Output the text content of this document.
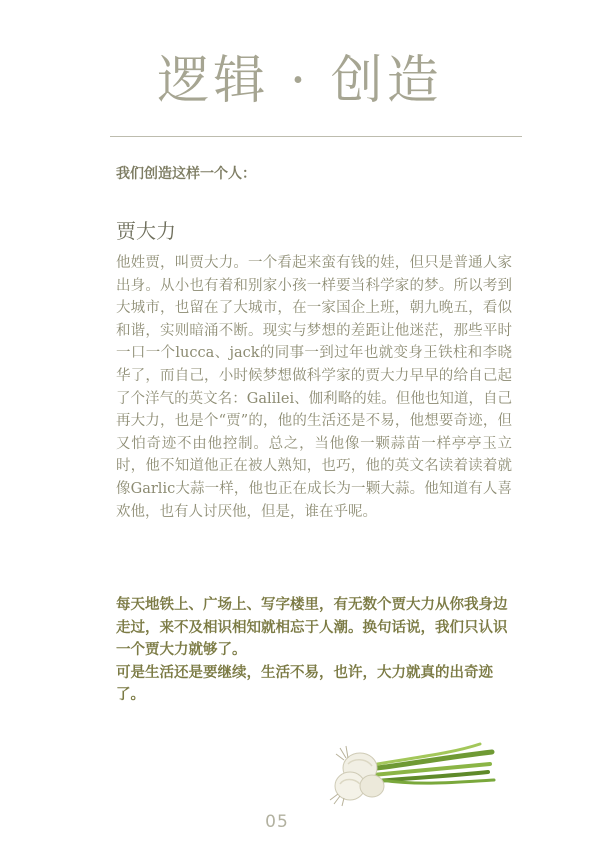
逻辑 · 创造

我们创造这样一个人：

贾大力

他姓贾，叫贾大力。一个看起来蛮有钱的娃，但只是普通人家出身。从小也有着和别家小孩一样要当科学家的梦。所以考到大城市，也留在了大城市，在一家国企上班，朝九晚五，看似和谐，实则暗涌不断。现实与梦想的差距让他迷茫，那些平时一口一个lucca、jack的同事一到过年也就变身王铁柱和李晓华了，而自己，小时候梦想做科学家的贾大力早早的给自己起了个洋气的英文名：Galilei、伽利略的娃。但他也知道，自己再大力，也是个“贾”的，他的生活还是不易，他想要奇迹，但又怕奇迹不由他控制。总之，当他像一颗蒜苗一样亭亭玉立时，他不知道他正在被人熟知，也巧，他的英文名读着读着就像Garlic大蒜一样，他也正在成长为一颗大蒜。他知道有人喜欢他，也有人讨厌他，但是，谁在乎呢。

每天地铁上、广场上、写字楼里，有无数个贾大力从你我身边走过，来不及相识相知就相忘于人潮。换句话说，我们只认识一个贾大力就够了。

可是生活还是要继续，生活不易，也许，大力就真的出奇迹了。

05
